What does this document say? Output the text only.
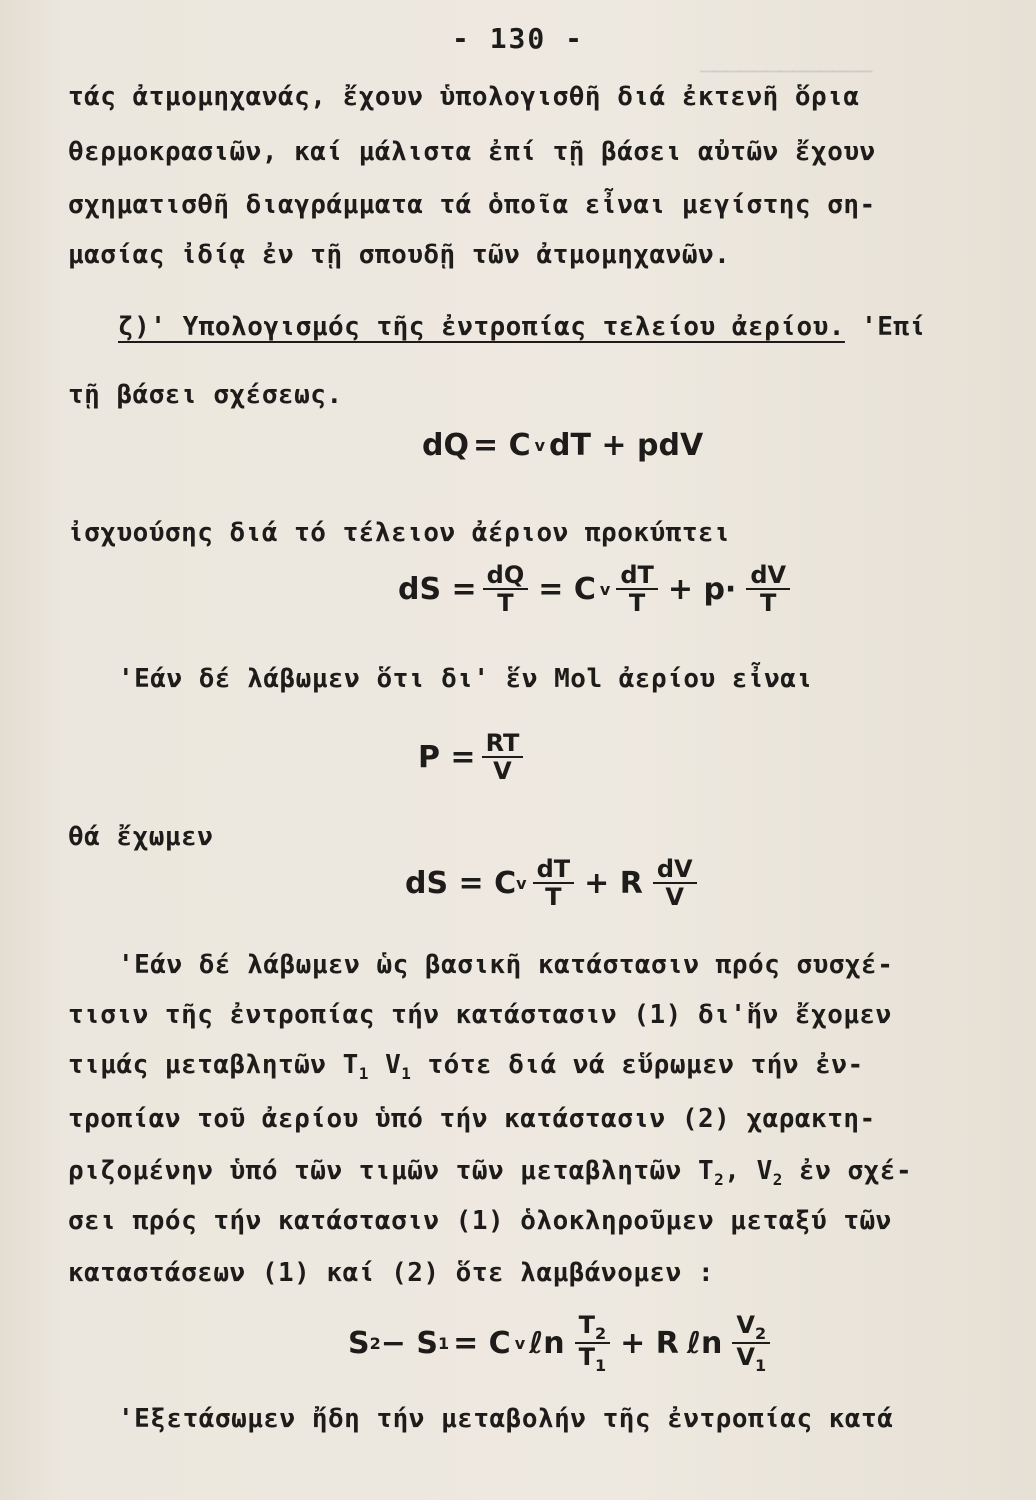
─────────────
- 130 -
τάς ἀτμομηχανάς, ἔχουν ὑπολογισθῆ διά ἐκτενῆ ὅρια
θερμοκρασιῶν, καί μάλιστα ἐπί τῇ βάσει αὐτῶν ἔχουν
σχηματισθῆ διαγράμματα τά ὁποῖα εἶναι μεγίστης ση-
μασίας ἰδίᾳ ἐν τῇ σπουδῇ τῶν ἀτμομηχανῶν.
ζ)' Υπολογισμός τῆς ἐντροπίας τελείου ἀερίου. 'Επί
τῇ βάσει σχέσεως.
dQ = C v dT + pdV
ἰσχυούσης διά τό τέλειον ἀέριον προκύπτει
dS = $\frac{dQ}{T} = C$ v $\frac{dT}{T} + p\cdot \frac{dV}{T}$
'Εάν δέ λάβωμεν ὅτι δι' ἕν Μοl ἀερίου εἶναι
$P = \frac{RT}{V}$
θά ἔχωμεν
dS = C v $\frac{dT}{T} + R \frac{dV}{V}$
'Εάν δέ λάβωμεν ὡς βασικῆ κατάστασιν πρός συσχέ-
τισιν τῆς ἐντροπίας τήν κατάστασιν (1) δι'ἥν ἔχομεν
τιμάς μεταβλητῶν $T_1$ $V_1$ τότε διά νά εὕρωμεν τήν ἐν-
τροπίαν τοῦ ἀερίου ὑπό τήν κατάστασιν (2) χαρακτη-
ριζομένην ὑπό τῶν τιμῶν τῶν μεταβλητῶν $T_2$, $V_2$ ἐν σχέ-
σει πρός τήν κατάστασιν (1) ὁλοκληροῦμεν μεταξύ τῶν
καταστάσεων (1) καί (2) ὅτε λαμβάνομεν :
S 2 − S 1 = C v ℓn $\frac{T_2}{T_1} + R$ ℓn $\frac{V_2}{V_1}$
'Εξετάσωμεν ἤδη τήν μεταβολήν τῆς ἐντροπίας κατά
